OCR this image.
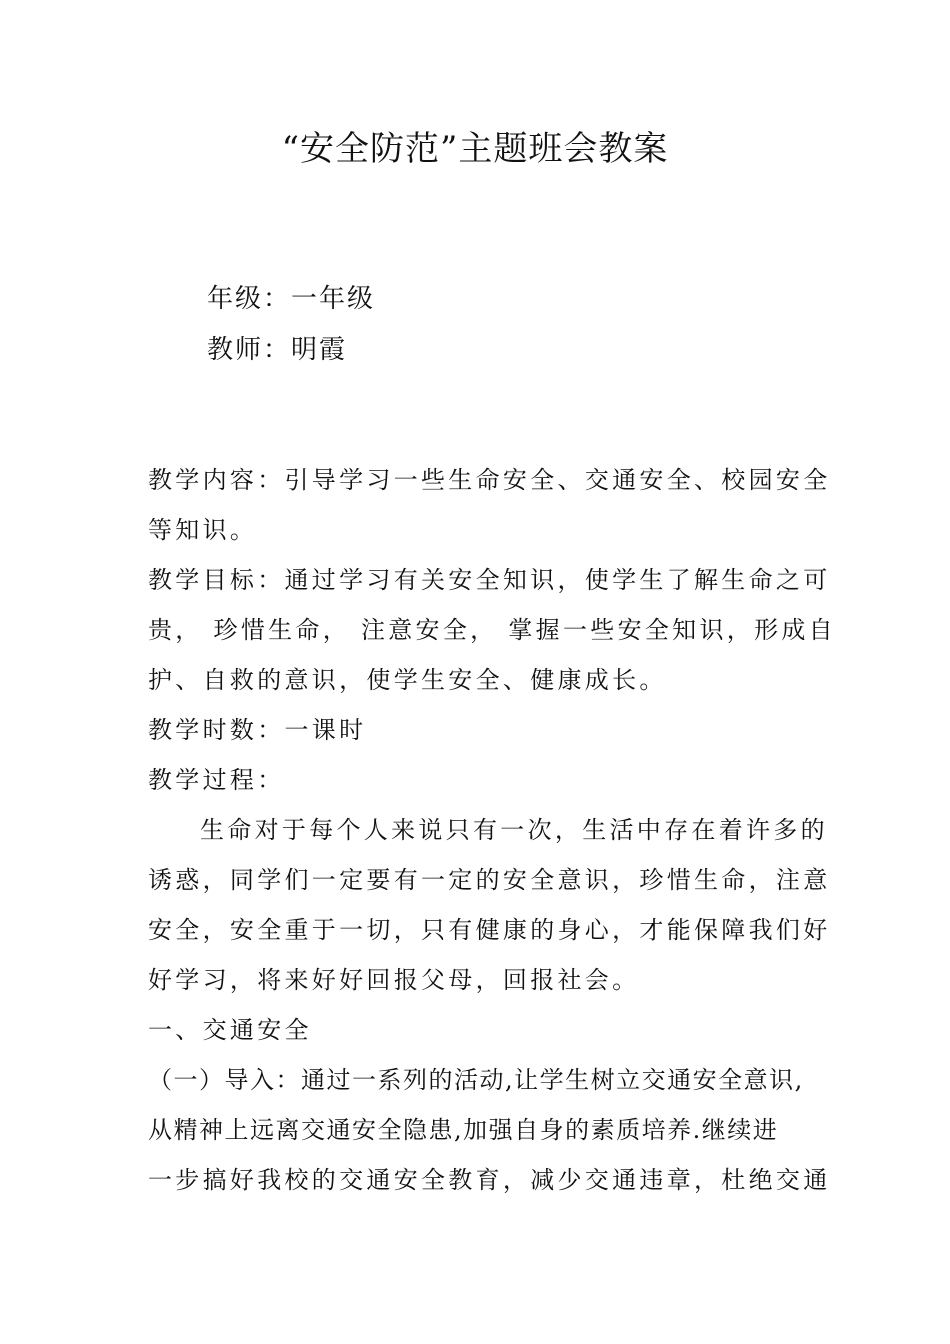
“安全防范”主题班会教案
年级：一年级
教师：明霞

教学内容：引导学习一些生命安全、交通安全、校园安全

等知识。

教学目标：通过学习有关安全知识，使学生了解生命之可

贵， 珍惜生命， 注意安全， 掌握一些安全知识，形成自

护、自救的意识，使学生安全、健康成长。

教学时数：一课时

教学过程：

生命对于每个人来说只有一次，生活中存在着许多的

诱惑，同学们一定要有一定的安全意识，珍惜生命，注意

安全，安全重于一切，只有健康的身心，才能保障我们好

好学习，将来好好回报父母，回报社会。

一、交通安全

（一）导入：通过一系列的活动,让学生树立交通安全意识,

从精神上远离交通安全隐患,加强自身的素质培养.继续进

一步搞好我校的交通安全教育，减少交通违章，杜绝交通
